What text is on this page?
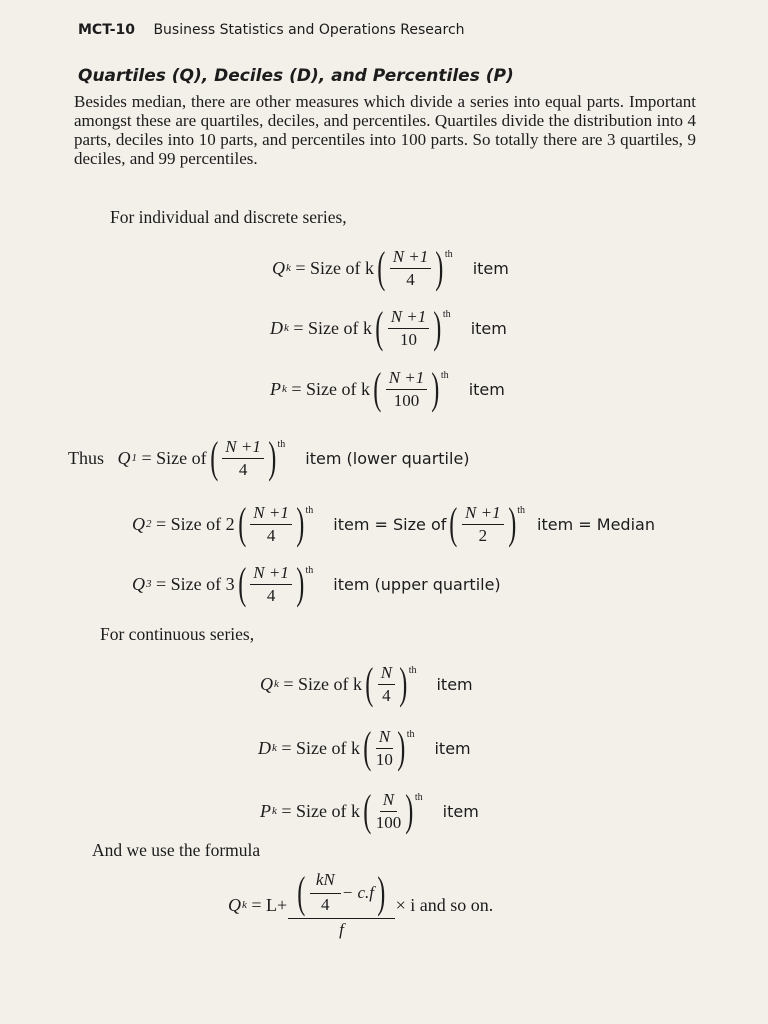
MCT-10 Business Statistics and Operations Research
Quartiles (Q), Deciles (D), and Percentiles (P)
Besides median, there are other measures which divide a series into equal parts. Important amongst these are quartiles, deciles, and percentiles. Quartiles divide the distribution into 4 parts, deciles into 10 parts, and percentiles into 100 parts. So totally there are 3 quartiles, 9 deciles, and 99 percentiles.
For individual and discrete series,
Q k
= Size of k ( $\frac{N +1}{4}$ ) th
item
D k
= Size of k ( $\frac{N +1}{10}$ ) th
item
P k
= Size of k ( $\frac{N +1}{100}$ ) th
item
Thus
Q 1
= Size of ( $\frac{N +1}{4}$ ) th
item (lower quartile)
Q 2
= Size of 2 ( $\frac{N +1}{4}$ ) th
item = Size of ( $\frac{N +1}{2}$ ) th
item = Median
Q 3
= Size of 3 ( $\frac{N +1}{4}$ ) th
item (upper quartile)
For continuous series,
Q k
= Size of k ( $\frac{N}{4}$ ) th
item
D k
= Size of k ( $\frac{N}{10}$ ) th
item
P k
= Size of k ( $\frac{N}{100}$ ) th
item
And we use the formula
Q k
= $L+ \frac{( \frac{kN}{4} - c.f )}{f} \times i$ and so on.
